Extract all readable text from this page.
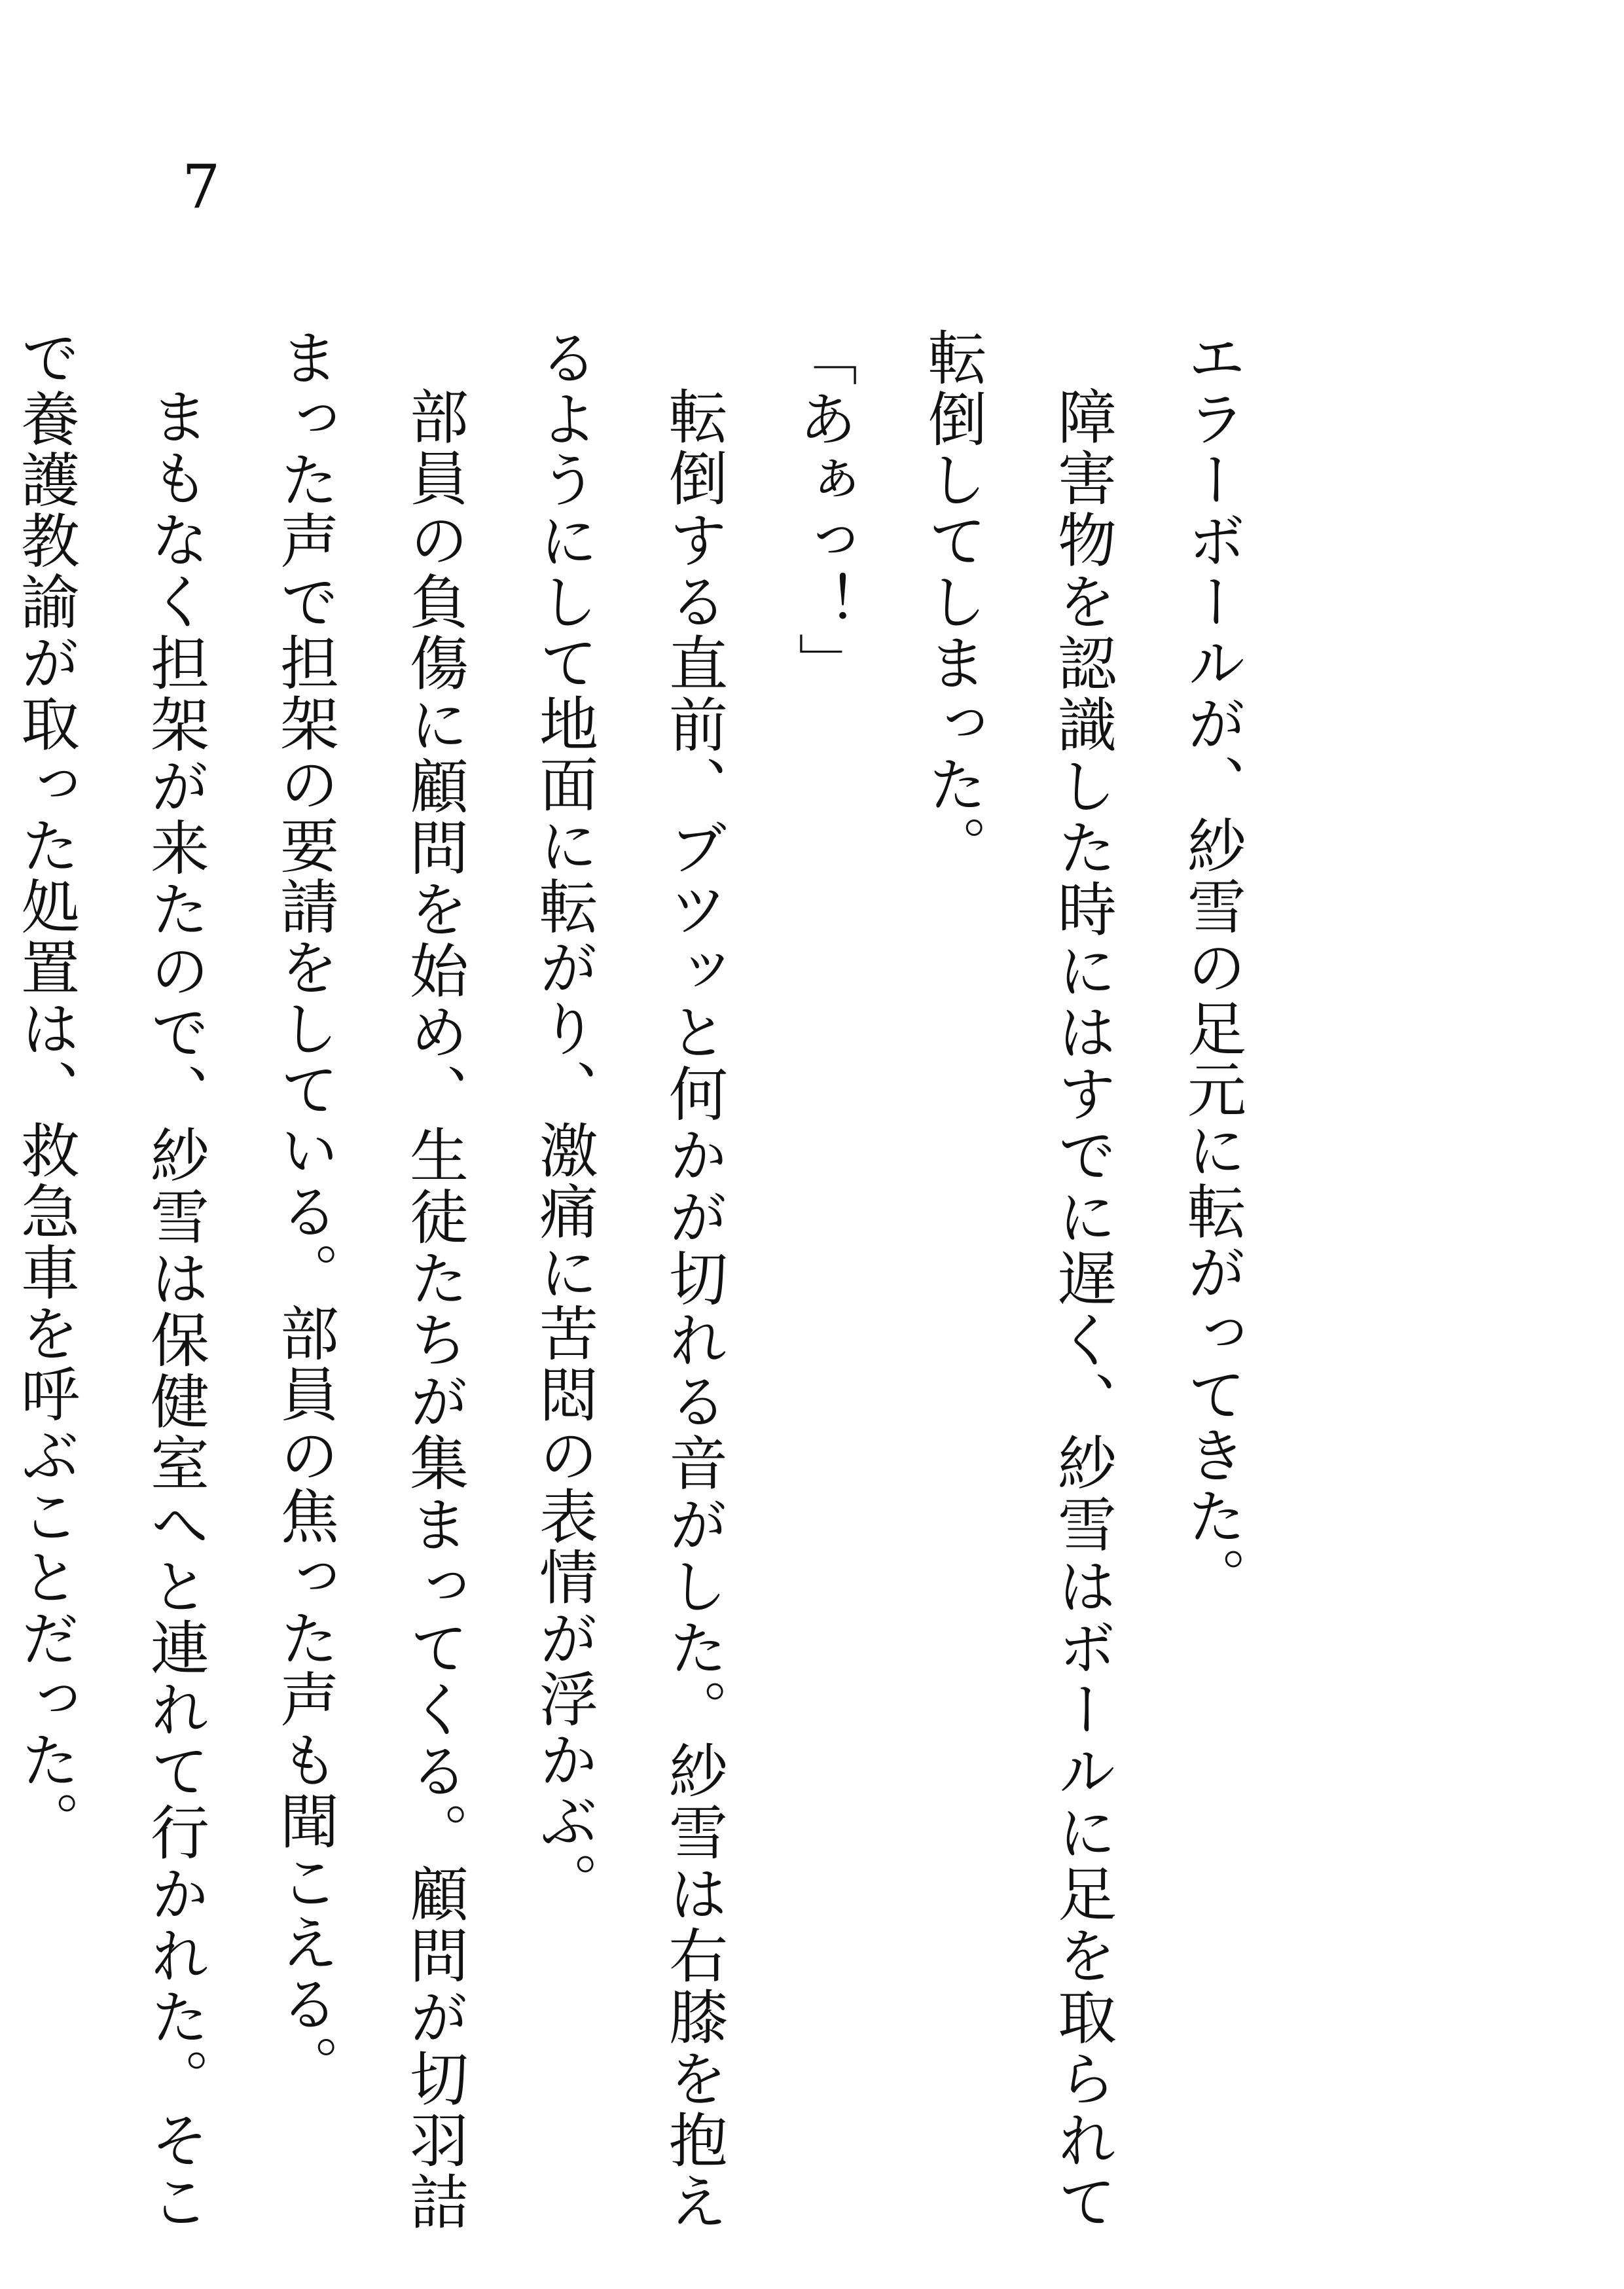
7

エラーボールが、紗雪の足元に転がってきた。

障害物を認識した時にはすでに遅く、紗雪はボールに足を取られて転倒してしまった。

「あぁっ！」

転倒する直前、ブツッと何かが切れる音がした。紗雪は右膝を抱えるようにして地面に転がり、激痛に苦悶の表情が浮かぶ。

部員の負傷に顧問を始め、生徒たちが集まってくる。顧問が切羽詰まった声で担架の要請をしている。部員の焦った声も聞こえる。

まもなく担架が来たので、紗雪は保健室へと連れて行かれた。そこで養護教諭が取った処置は、救急車を呼ぶことだった。
